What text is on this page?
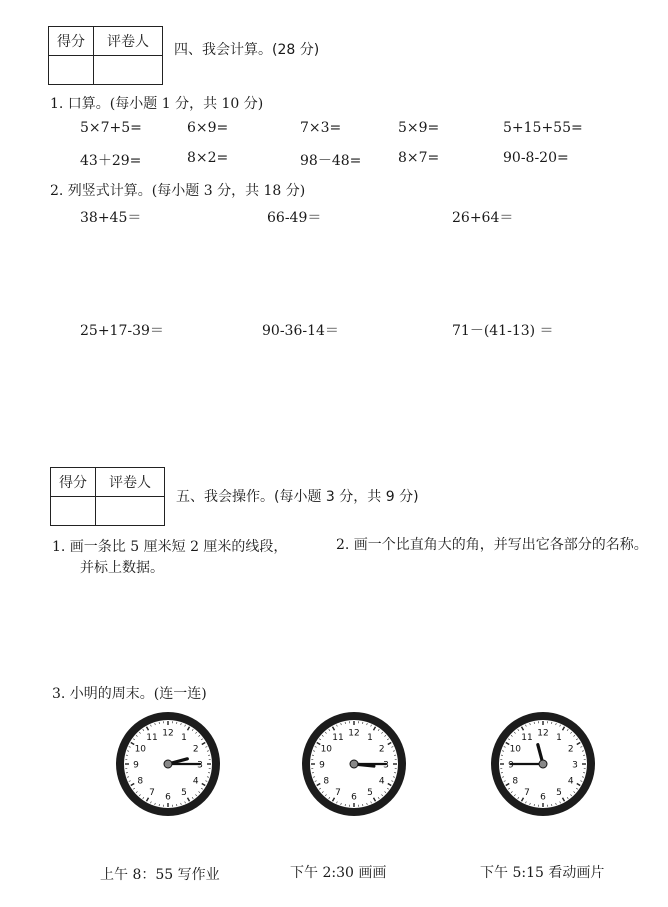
得分	评卷人
	四、我会计算。(28 分)
1. 口算。(每小题 1 分，共 10 分)
5×7+5=	6×9=	7×3=	5×9=	5+15+55=
43＋29=	8×2=	98－48=	8×7=	90-8-20=
2. 列竖式计算。(每小题 3 分，共 18 分)
38+45＝	66-49＝	26+64＝
25+17-39＝	90-36-14＝	71－(41-13) ＝
得分	评卷人

五、我会操作。(每小题 3 分，共 9 分)
1. 画一条比 5 厘米短 2 厘米的线段，
并标上数据。
2. 画一个比直角大的角，并写出它各部分的名称。
3. 小明的周末。(连一连)
12 1
2
3
4
5
6
7
8
9
10
11	12 1
2
3
4
5
6
7
8
9
10
11	12 1
2
3
4
5
6
7
8
9
10
11
上午 8：55 写作业	下午 2:30 画画	下午 5:15 看动画片
